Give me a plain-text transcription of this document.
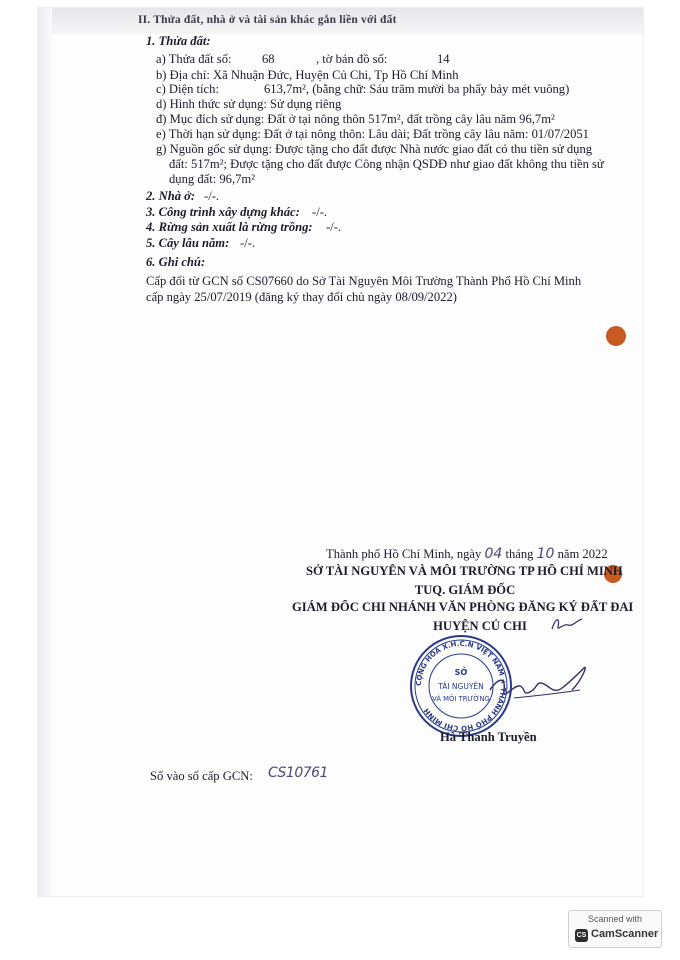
II. Thửa đất, nhà ở và tài sản khác gắn liền với đất
1. Thửa đất:
a) Thửa đất số: 68	, tờ bản đồ số:	14
b) Địa chỉ: Xã Nhuận Đức, Huyện Củ Chi, Tp Hồ Chí Minh
c) Diện tích:	613,7m², (bằng chữ: Sáu trăm mười ba phẩy bảy mét vuông)
d) Hình thức sử dụng: Sử dụng riêng
đ) Mục đích sử dụng: Đất ở tại nông thôn 517m², đất trồng cây lâu năm 96,7m²
e) Thời hạn sử dụng: Đất ở tại nông thôn: Lâu dài; Đất trồng cây lâu năm: 01/07/2051
g) Nguồn gốc sử dụng: Được tặng cho đất được Nhà nước giao đất có thu tiền sử dụng
đất: 517m²; Được tặng cho đất được Công nhận QSDĐ như giao đất không thu tiền sử
dụng đất: 96,7m²
2. Nhà ở: -/-.
3. Công trình xây dựng khác: -/-.
4. Rừng sản xuất là rừng trồng: -/-.
5. Cây lâu năm: -/-.
6. Ghi chú:
Cấp đổi từ GCN số CS07660 do Sở Tài Nguyên Môi Trường Thành Phố Hồ Chí Minh
cấp ngày 25/07/2019 (đăng ký thay đổi chủ ngày 08/09/2022)
Thành phố Hồ Chí Minh, ngày 04 tháng 10 năm 2022
SỞ TÀI NGUYÊN VÀ MÔI TRƯỜNG TP HỒ CHÍ MINH
TUQ. GIÁM ĐỐC
GIÁM ĐỐC CHI NHÁNH VĂN PHÒNG ĐĂNG KÝ ĐẤT ĐAI
HUYỆN CỦ CHI
CỘNG HÒA X.H.C.N VIỆT NAM ★ THÀNH PHỐ HỒ CHÍ MINH
SỞ
TÀI NGUYÊN
VÀ MÔI TRƯỜNG
Hà Thanh Truyền
Số vào sổ cấp GCN: CS10761
Scanned with
CS CamScanner
